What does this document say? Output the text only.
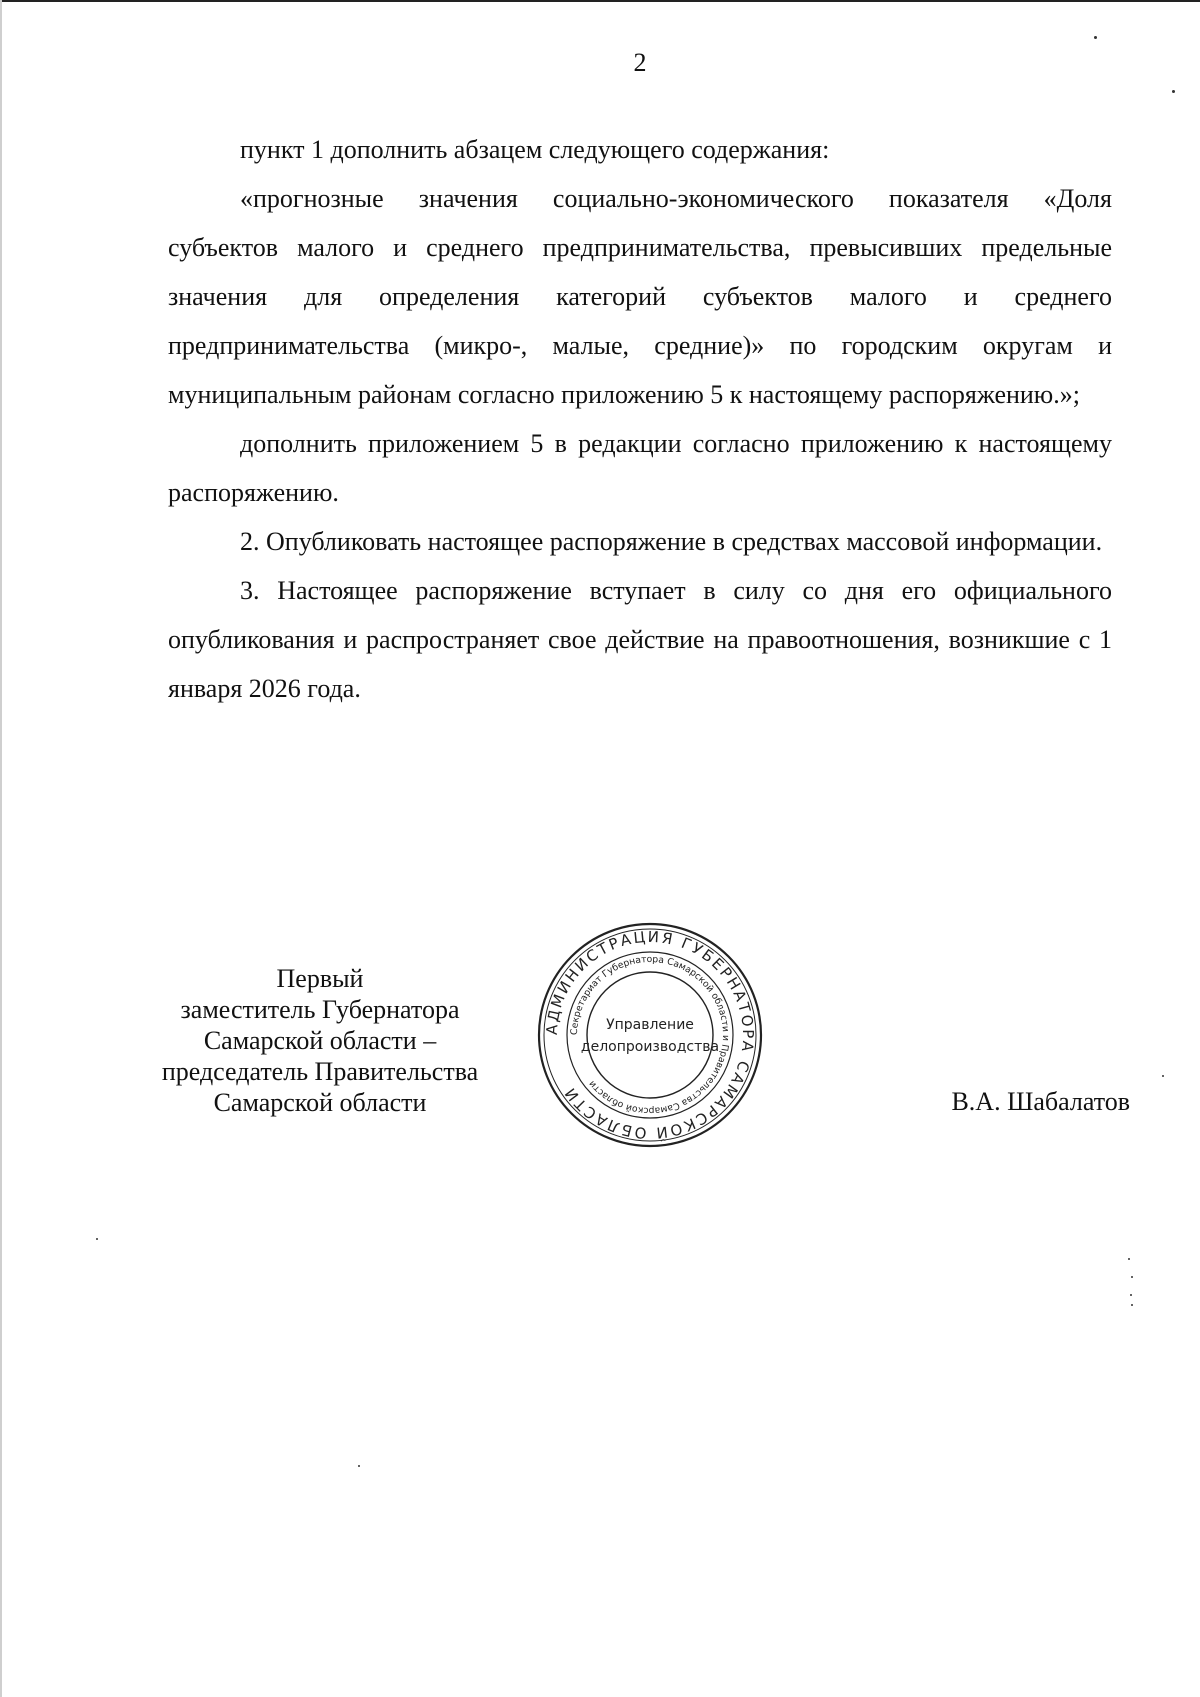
2

пункт 1 дополнить абзацем следующего содержания:

«прогнозные значения социально-экономического показателя «Доля субъектов малого и среднего предпринимательства, превысивших предельные значения для определения категорий субъектов малого и среднего предпринимательства (микро-, малые, средние)» по городским округам и муниципальным районам согласно приложению 5 к настоящему распоряжению.»;

дополнить приложением 5 в редакции согласно приложению к настоящему распоряжению.

2. Опубликовать настоящее распоряжение в средствах массовой информации.

3. Настоящее распоряжение вступает в силу со дня его официального опубликования и распространяет свое действие на правоотношения, возникшие с 1 января 2026 года.

Первый
заместитель Губернатора
Самарской области –
председатель Правительства
Самарской области
АДМИНИСТРАЦИЯ ГУБЕРНАТОРА САМАРСКОЙ ОБЛАСТИ
Секретариат Губернатора Самарской области и Правительства Самарской области
Управление
делопроизводства
В.А. Шабалатов
